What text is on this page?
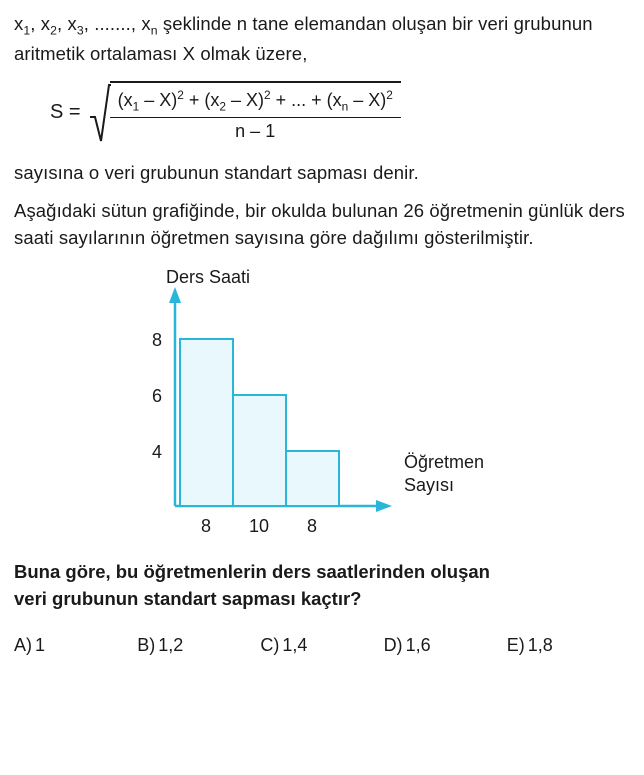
$x_1$, $x_2$, $x_3$, ......., $x_n$ şeklinde n tane elemandan oluşan bir veri grubunun aritmetik ortalaması X olmak üzere,

$S = \frac{(x_1 - X)^2 + (x_2 - X)^2 + ... + (x_n - X)^2}{n - 1}$

sayısına o veri grubunun standart sapması denir.

Aşağıdaki sütun grafiğinde, bir okulda bulunan 26 öğretmenin günlük ders saati sayılarının öğretmen sayısına göre dağılımı gösterilmiştir.

Ders Saati
8
6
4
8 10 8
Öğretmen
Sayısı

Buna göre, bu öğretmenlerin ders saatlerinden oluşan
veri grubunun standart sapması kaçtır?

A) 1	B) 1,2	C) 1,4	D) 1,6	E) 1,8
